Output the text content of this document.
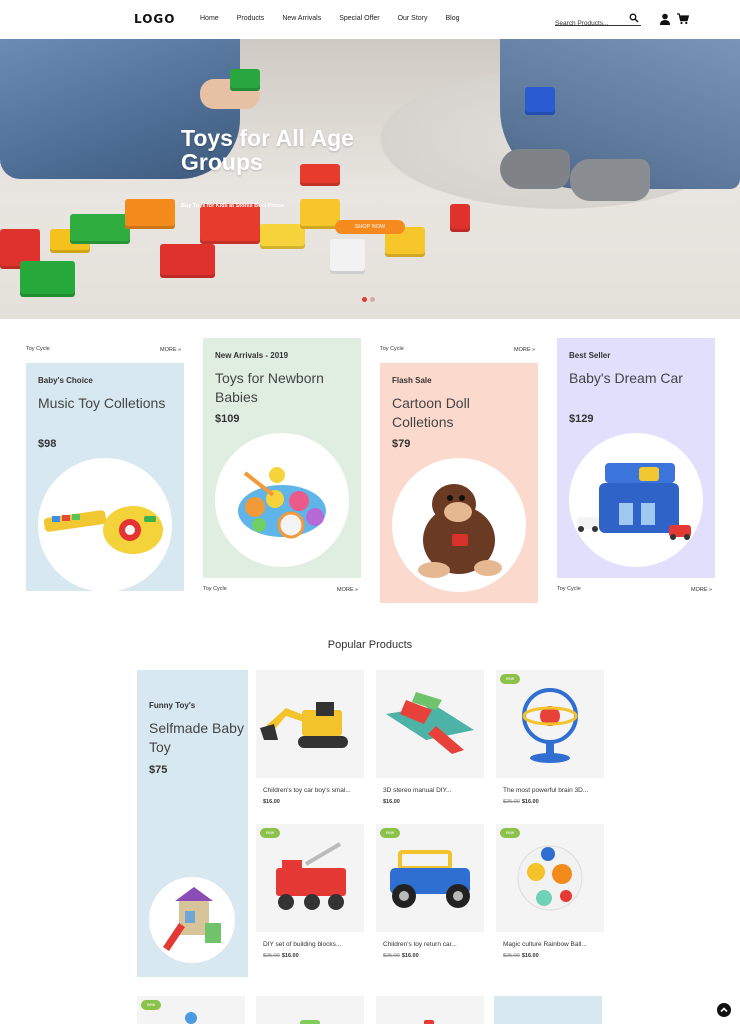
LOGO	Home	Products	New Arrivals	Special Offer	Our Story	Blog
Search Products...
Toys for All Age Groups
Buy Toys for Kids at Stores Best Prices
SHOP NOW
Toy Cycle	MORE »
Baby's Choice
Music Toy Colletions
$98
New Arrivals - 2019
Toys for Newborn Babies
$109
Toy Cycle	MORE »
Toy Cycle	MORE »
Flash Sale
Cartoon Doll Colletions
$79
Best Seller
Baby's Dream Car
$129
Toy Cycle	MORE »
Popular Products
Funny Toy's
Selfmade Baby Toy
$75
Children's toy car boy's smal...
$16.00
3D stereo manual DIY...
$16.00
new
The most powerful brain 3D...
$25.00 $16.00
new
DIY set of building blocks...
$25.00 $16.00
new
Children's toy return car...
$25.00 $16.00
new
Magic culture Rainbow Ball...
$25.00 $16.00
new
